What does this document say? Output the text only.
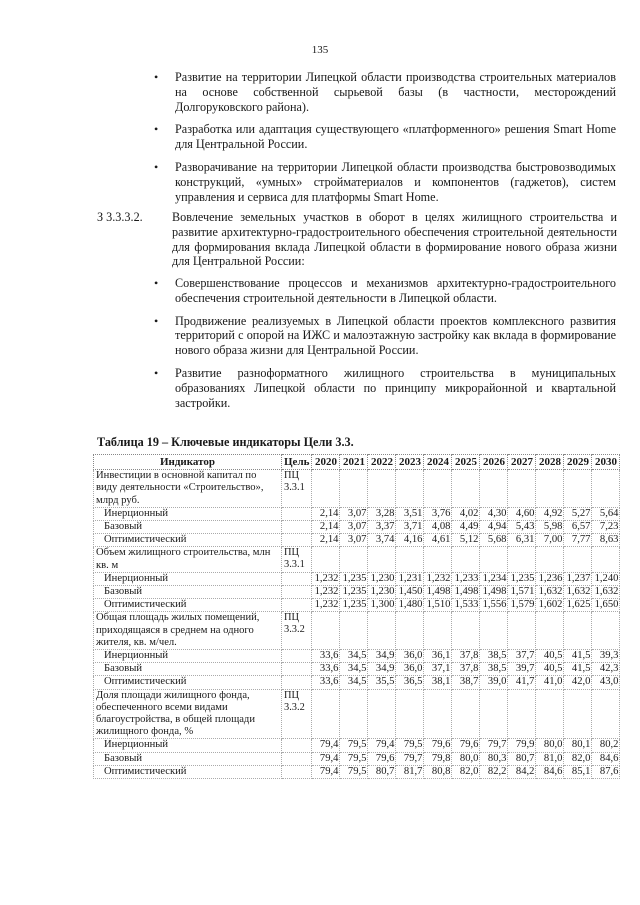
135
• Развитие на территории Липецкой области производства строительных материалов на основе собственной сырьевой базы (в частности, месторождений Долгоруковского района).
• Разработка или адаптация существующего «платформенного» решения Smart Home для Центральной России.
• Разворачивание на территории Липецкой области производства быстровозводимых конструкций, «умных» стройматериалов и компонентов (гаджетов), систем управления и сервиса для платформы Smart Home.
З 3.3.3.2. Вовлечение земельных участков в оборот в целях жилищного строительства и развитие архитектурно-градостроительного обеспечения строительной деятельности для формирования вклада Липецкой области в формирование нового образа жизни для Центральной России:
• Совершенствование процессов и механизмов архитектурно-градостроительного обеспечения строительной деятельности в Липецкой области.
• Продвижение реализуемых в Липецкой области проектов комплексного развития территорий с опорой на ИЖС и малоэтажную застройку как вклада в формирование нового образа жизни для Центральной России.
• Развитие разноформатного жилищного строительства в муниципальных образованиях Липецкой области по принципу микрорайонной и квартальной застройки.
Таблица 19 – Ключевые индикаторы Цели 3.3.
Индикатор	Цель	2020	2021	2022	2023	2024	2025	2026	2027	2028	2029	2030
Инвестиции в основной капитал по виду деятельности «Строительство», млрд руб.	ПЦ 3.3.1											
Инерционный		2,14	3,07	3,28	3,51	3,76	4,02	4,30	4,60	4,92	5,27	5,64
Базовый		2,14	3,07	3,37	3,71	4,08	4,49	4,94	5,43	5,98	6,57	7,23
Оптимистический		2,14	3,07	3,74	4,16	4,61	5,12	5,68	6,31	7,00	7,77	8,63
Объем жилищного строительства, млн кв. м	ПЦ 3.3.1											
Инерционный		1,232	1,235	1,230	1,231	1,232	1,233	1,234	1,235	1,236	1,237	1,240
Базовый		1,232	1,235	1,230	1,450	1,498	1,498	1,498	1,571	1,632	1,632	1,632
Оптимистический		1,232	1,235	1,300	1,480	1,510	1,533	1,556	1,579	1,602	1,625	1,650
Общая площадь жилых помещений, приходящаяся в среднем на одного жителя, кв. м/чел.	ПЦ 3.3.2											
Инерционный		33,6	34,5	34,9	36,0	36,1	37,8	38,5	37,7	40,5	41,5	39,3
Базовый		33,6	34,5	34,9	36,0	37,1	37,8	38,5	39,7	40,5	41,5	42,3
Оптимистический		33,6	34,5	35,5	36,5	38,1	38,7	39,0	41,7	41,0	42,0	43,0
Доля площади жилищного фонда, обеспеченного всеми видами благоустройства, в общей площади жилищного фонда, %	ПЦ 3.3.2											
Инерционный		79,4	79,5	79,4	79,5	79,6	79,6	79,7	79,9	80,0	80,1	80,2
Базовый		79,4	79,5	79,6	79,7	79,8	80,0	80,3	80,7	81,0	82,0	84,6
Оптимистический		79,4	79,5	80,7	81,7	80,8	82,0	82,2	84,2	84,6	85,1	87,6
